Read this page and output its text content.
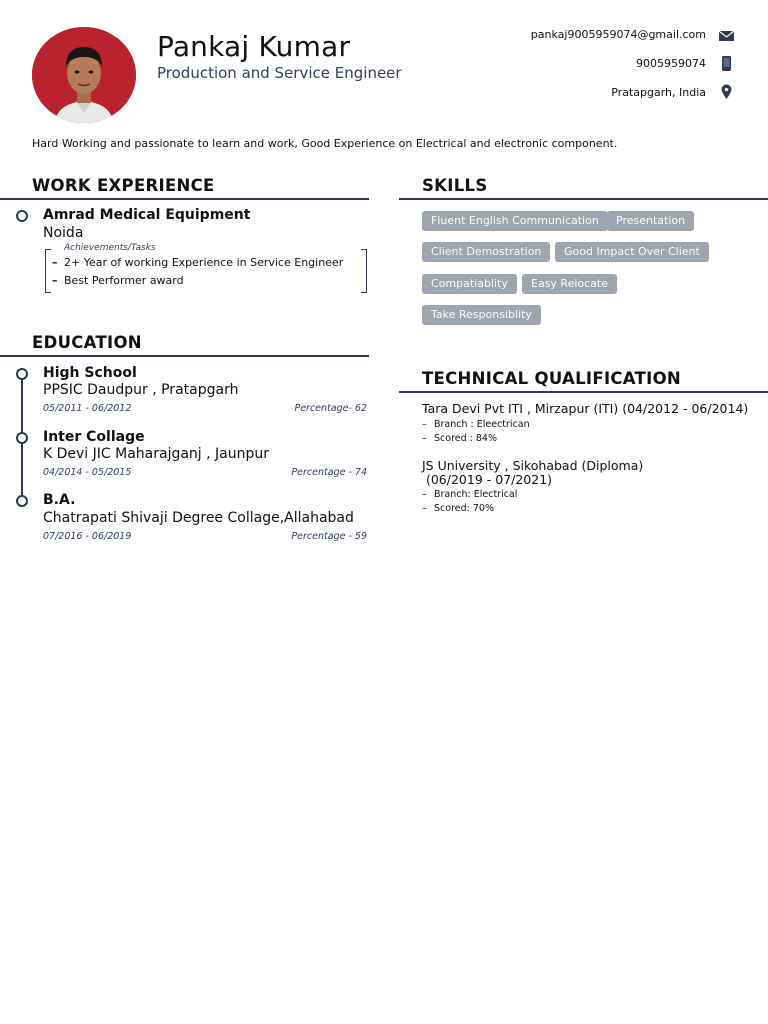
Pankaj Kumar
Production and Service Engineer
pankaj9005959074@gmail.com
9005959074
Pratapgarh, India
Hard Working and passionate to learn and work, Good Experience on Electrical and electronic component.
WORK EXPERIENCE
Amrad Medical Equipment
Noida
Achievements/Tasks
– 2+ Year of working Experience in Service Engineer
– Best Performer award
EDUCATION
High School
PPSIC Daudpur , Pratapgarh
05/2011 - 06/2012	Percentage- 62
Inter Collage
K Devi JIC Maharajganj , Jaunpur
04/2014 - 05/2015	Percentage - 74
B.A.
Chatrapati Shivaji Degree Collage,Allahabad
07/2016 - 06/2019	Percentage - 59
SKILLS
Fluent English Communication	Presentation
Client Demostration	Good Impact Over Client
Compatiablity	Easy Relocate
Take Responsiblity
TECHNICAL QUALIFICATION
Tara Devi Pvt ITI , Mirzapur (ITI) (04/2012 - 06/2014)
– Branch : Eleectrican
– Scored : 84%
JS University , Sikohabad (Diploma)
(06/2019 - 07/2021)
– Branch: Electrical
– Scored: 70%
